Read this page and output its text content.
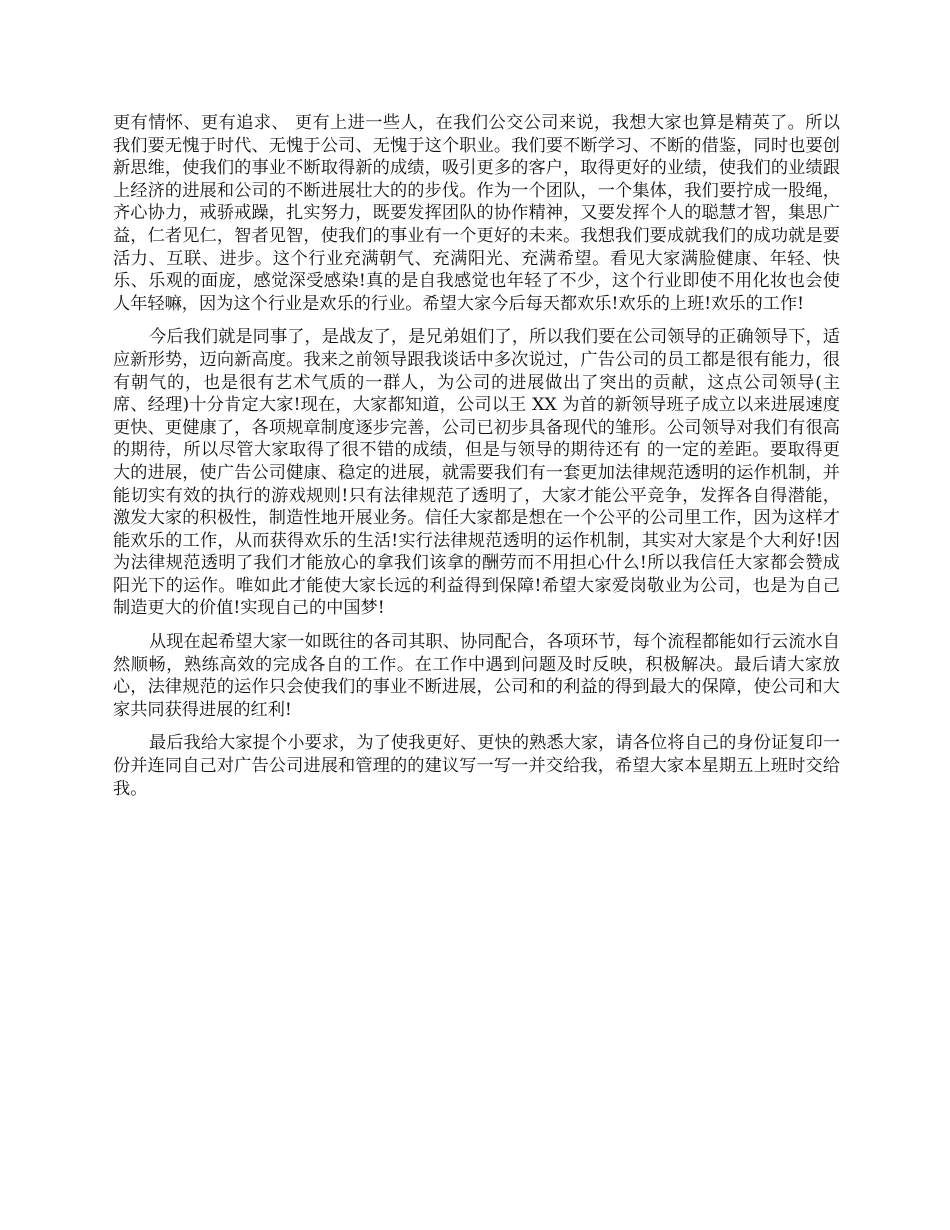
更有情怀、更有追求、 更有上进一些人，在我们公交公司来说，我想大家也算是精英了。所以我们要无愧于时代、无愧于公司、无愧于这个职业。我们要不断学习、不断的借鉴，同时也要创新思维，使我们的事业不断取得新的成绩，吸引更多的客户，取得更好的业绩，使我们的业绩跟上经济的进展和公司的不断进展壮大的的步伐。作为一个团队，一个集体，我们要拧成一股绳，齐心协力，戒骄戒躁，扎实努力，既要发挥团队的协作精神，又要发挥个人的聪慧才智，集思广益，仁者见仁，智者见智，使我们的事业有一个更好的未来。我想我们要成就我们的成功就是要活力、互联、进步。这个行业充满朝气、充满阳光、充满希望。看见大家满脸健康、年轻、快乐、乐观的面庞，感觉深受感染!真的是自我感觉也年轻了不少，这个行业即使不用化妆也会使人年轻嘛，因为这个行业是欢乐的行业。希望大家今后每天都欢乐!欢乐的上班!欢乐的工作!

今后我们就是同事了，是战友了，是兄弟姐们了，所以我们要在公司领导的正确领导下，适应新形势，迈向新高度。我来之前领导跟我谈话中多次说过，广告公司的员工都是很有能力，很有朝气的，也是很有艺术气质的一群人，为公司的进展做出了突出的贡献，这点公司领导(主席、经理)十分肯定大家!现在，大家都知道，公司以王 XX 为首的新领导班子成立以来进展速度更快、更健康了，各项规章制度逐步完善，公司已初步具备现代的雏形。公司领导对我们有很高的期待，所以尽管大家取得了很不错的成绩，但是与领导的期待还有 的一定的差距。要取得更大的进展，使广告公司健康、稳定的进展，就需要我们有一套更加法律规范透明的运作机制，并能切实有效的执行的游戏规则!只有法律规范了透明了，大家才能公平竞争，发挥各自得潜能，激发大家的积极性，制造性地开展业务。信任大家都是想在一个公平的公司里工作，因为这样才能欢乐的工作，从而获得欢乐的生活!实行法律规范透明的运作机制，其实对大家是个大利好!因为法律规范透明了我们才能放心的拿我们该拿的酬劳而不用担心什么!所以我信任大家都会赞成阳光下的运作。唯如此才能使大家长远的利益得到保障!希望大家爱岗敬业为公司，也是为自己制造更大的价值!实现自己的中国梦!

从现在起希望大家一如既往的各司其职、协同配合，各项环节，每个流程都能如行云流水自然顺畅，熟练高效的完成各自的工作。在工作中遇到问题及时反映，积极解决。最后请大家放心，法律规范的运作只会使我们的事业不断进展，公司和的利益的得到最大的保障，使公司和大家共同获得进展的红利!

最后我给大家提个小要求，为了使我更好、更快的熟悉大家，请各位将自己的身份证复印一份并连同自己对广告公司进展和管理的的建议写一写一并交给我，希望大家本星期五上班时交给我。
